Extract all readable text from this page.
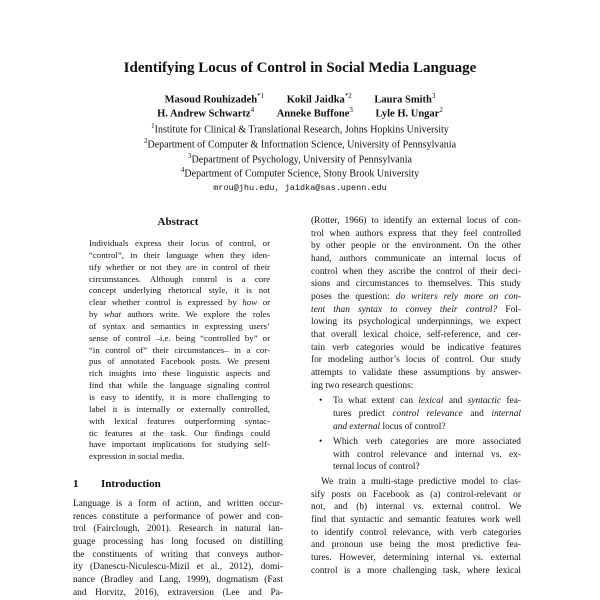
Identifying Locus of Control in Social Media Language
Masoud Rouhizadeh$^{*1}$ Kokil Jaidka$^{*2}$ Laura Smith$^3$
H. Andrew Schwartz$^4$ Anneke Buffone$^3$ Lyle H. Ungar$^2$
$^1$Institute for Clinical & Translational Research, Johns Hopkins University
$^2$Department of Computer & Information Science, University of Pennsylvania
$^3$Department of Psychology, University of Pennsylvania
$^4$Department of Computer Science, Stony Brook University
mrou@jhu.edu, jaidka@sas.upenn.edu
Abstract
Individuals express their locus of control, or
“control”, in their language when they iden-
tify whether or not they are in control of their
circumstances. Although control is a core
concept underlying rhetorical style, it is not
clear whether control is expressed by how or
by what authors write. We explore the roles
of syntax and semantics in expressing users’
sense of control –i.e. being “controlled by” or
“in control of” their circumstances– in a cor-
pus of annotated Facebook posts. We present
rich insights into these linguistic aspects and
find that while the language signaling control
is easy to identify, it is more challenging to
label it is internally or externally controlled,
with lexical features outperforming syntac-
tic features at the task. Our findings could
have important implications for studying self-
expression in social media.
1 Introduction
Language is a form of action, and written occur-
rences constitute a performance of power and con-
trol (Fairclough, 2001). Research in natural lan-
guage processing has long focused on distilling
the constituents of writing that conveys author-
ity (Danescu-Niculescu-Mizil et al., 2012), domi-
nance (Bradley and Lang, 1999), dogmatism (Fast
and Horvitz, 2016), extraversion (Lee and Pa-
(Rotter, 1966) to identify an external locus of con-
trol when authors express that they feel controlled
by other people or the environment. On the other
hand, authors communicate an internal locus of
control when they ascribe the control of their deci-
sions and circumstances to themselves. This study
poses the question: do writers rely more on con-
tent than syntax to convey their control? Fol-
lowing its psychological underpinnings, we expect
that overall lexical choice, self-reference, and cer-
tain verb categories would be indicative features
for modeling author’s locus of control. Our study
attempts to validate these assumptions by answer-
ing two research questions:
• To what extent can lexical and syntactic fea-
tures predict control relevance and internal
and external locus of control?
• Which verb categories are more associated
with control relevance and internal vs. ex-
ternal locus of control?
We train a multi-stage predictive model to clas-
sify posts on Facebook as (a) control-relevant or
not, and (b) internal vs. external control. We
find that syntactic and semantic features work well
to identify control relevance, with verb categories
and pronoun use being the most predictive fea-
tures. However, determining internal vs. external
control is a more challenging task, where lexical
